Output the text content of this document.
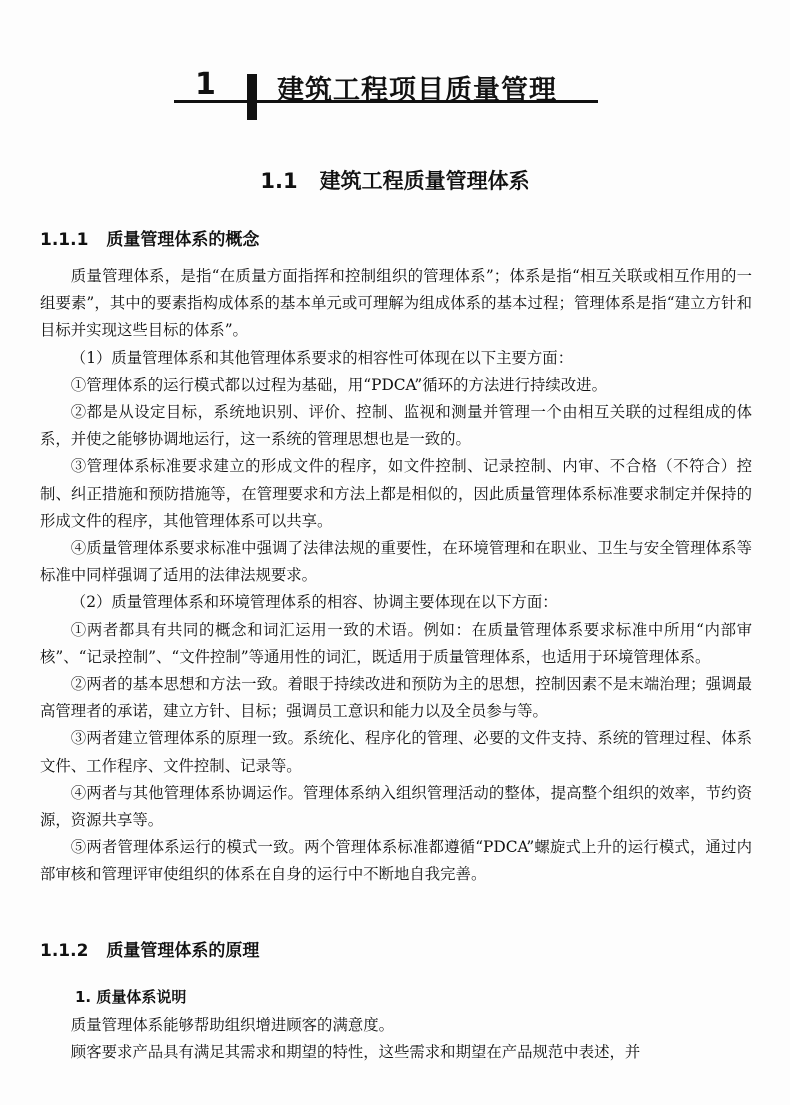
1 建筑工程项目质量管理
1.1 建筑工程质量管理体系
1.1.1 质量管理体系的概念

质量管理体系，是指“在质量方面指挥和控制组织的管理体系”；体系是指“相互关联或相互作用的一组要素”，其中的要素指构成体系的基本单元或可理解为组成体系的基本过程；管理体系是指“建立方针和目标并实现这些目标的体系”。

（1）质量管理体系和其他管理体系要求的相容性可体现在以下主要方面：

①管理体系的运行模式都以过程为基础，用“PDCA”循环的方法进行持续改进。

②都是从设定目标，系统地识别、评价、控制、监视和测量并管理一个由相互关联的过程组成的体系，并使之能够协调地运行，这一系统的管理思想也是一致的。

③管理体系标准要求建立的形成文件的程序，如文件控制、记录控制、内审、不合格（不符合）控制、纠正措施和预防措施等，在管理要求和方法上都是相似的，因此质量管理体系标准要求制定并保持的形成文件的程序，其他管理体系可以共享。

④质量管理体系要求标准中强调了法律法规的重要性，在环境管理和在职业、卫生与安全管理体系等标准中同样强调了适用的法律法规要求。

（2）质量管理体系和环境管理体系的相容、协调主要体现在以下方面：

①两者都具有共同的概念和词汇运用一致的术语。例如：在质量管理体系要求标准中所用“内部审核”、“记录控制”、“文件控制”等通用性的词汇，既适用于质量管理体系，也适用于环境管理体系。

②两者的基本思想和方法一致。着眼于持续改进和预防为主的思想，控制因素不是末端治理；强调最高管理者的承诺，建立方针、目标；强调员工意识和能力以及全员参与等。

③两者建立管理体系的原理一致。系统化、程序化的管理、必要的文件支持、系统的管理过程、体系文件、工作程序、文件控制、记录等。

④两者与其他管理体系协调运作。管理体系纳入组织管理活动的整体，提高整个组织的效率，节约资源，资源共享等。

⑤两者管理体系运行的模式一致。两个管理体系标准都遵循“PDCA”螺旋式上升的运行模式，通过内部审核和管理评审使组织的体系在自身的运行中不断地自我完善。

1.1.2 质量管理体系的原理
1. 质量体系说明

质量管理体系能够帮助组织增进顾客的满意度。

顾客要求产品具有满足其需求和期望的特性，这些需求和期望在产品规范中表述，并
